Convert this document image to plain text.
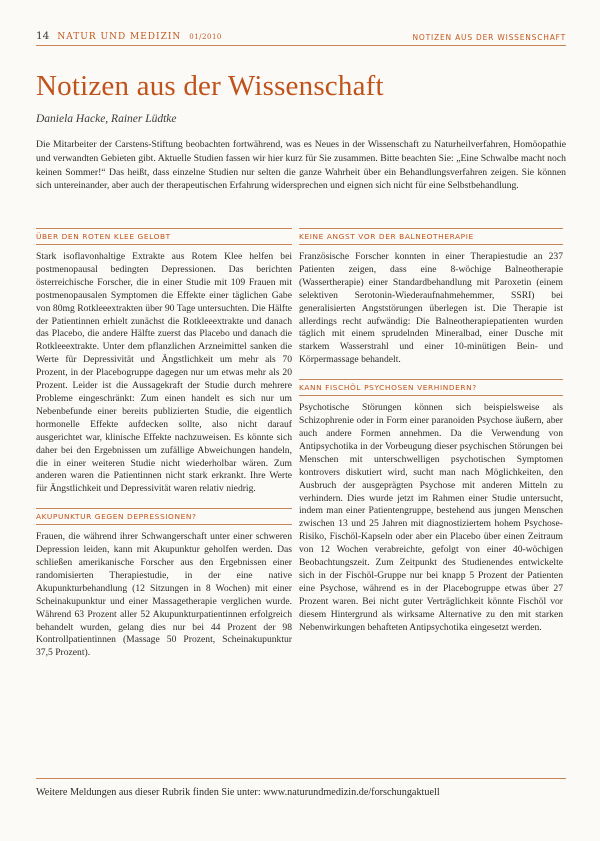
14 NATUR UND MEDIZIN 01/2010	NOTIZEN AUS DER WISSENSCHAFT
Notizen aus der Wissenschaft
Daniela Hacke, Rainer Lüdtke

Die Mitarbeiter der Carstens-Stiftung beobachten fortwährend, was es Neues in der Wissenschaft zu Naturheilverfahren, Homöopathie und verwandten Gebieten gibt. Aktuelle Studien fassen wir hier kurz für Sie zusammen. Bitte beachten Sie: „Eine Schwalbe macht noch keinen Sommer!“ Das heißt, dass einzelne Studien nur selten die ganze Wahrheit über ein Behandlungsverfahren zeigen. Sie können sich untereinander, aber auch der therapeutischen Erfahrung widersprechen und eignen sich nicht für eine Selbstbehandlung.

ÜBER DEN ROTEN KLEE GELOBT

Stark isoflavonhaltige Extrakte aus Rotem Klee helfen bei postmenopausal bedingten Depressionen. Das berichten österreichische Forscher, die in einer Studie mit 109 Frauen mit postmenopausalen Symptomen die Effekte einer täglichen Gabe von 80mg Rotkleeextrakten über 90 Tage untersuchten. Die Hälfte der Patientinnen erhielt zunächst die Rotkleeextrakte und danach das Placebo, die andere Hälfte zuerst das Placebo und danach die Rotkleeextrakte. Unter dem pflanzlichen Arzneimittel sanken die Werte für Depressivität und Ängstlichkeit um mehr als 70 Prozent, in der Placebogruppe dagegen nur um etwas mehr als 20 Prozent. Leider ist die Aussagekraft der Studie durch mehrere Probleme eingeschränkt: Zum einen handelt es sich nur um Nebenbefunde einer bereits publizierten Studie, die eigentlich hormonelle Effekte aufdecken sollte, also nicht darauf ausgerichtet war, klinische Effekte nachzuweisen. Es könnte sich daher bei den Ergebnissen um zufällige Abweichungen handeln, die in einer weiteren Studie nicht wiederholbar wären. Zum anderen waren die Patientinnen nicht stark erkrankt. Ihre Werte für Ängstlichkeit und Depressivität waren relativ niedrig.

AKUPUNKTUR GEGEN DEPRESSIONEN?

Frauen, die während ihrer Schwangerschaft unter einer schweren Depression leiden, kann mit Akupunktur geholfen werden. Das schließen amerikanische Forscher aus den Ergebnissen einer randomisierten Therapiestudie, in der eine native Akupunkturbehandlung (12 Sitzungen in 8 Wochen) mit einer Scheinakupunktur und einer Massagetherapie verglichen wurde. Während 63 Prozent aller 52 Akupunkturpatientinnen erfolgreich behandelt wurden, gelang dies nur bei 44 Prozent der 98 Kontrollpatientinnen (Massage 50 Prozent, Scheinakupunktur 37,5 Prozent).

KEINE ANGST VOR DER BALNEOTHERAPIE

Französische Forscher konnten in einer Therapiestudie an 237 Patienten zeigen, dass eine 8-wöchige Balneotherapie (Wassertherapie) einer Standardbehandlung mit Paroxetin (einem selektiven Serotonin-Wiederaufnahmehemmer, SSRI) bei generalisierten Angststörungen überlegen ist. Die Therapie ist allerdings recht aufwändig: Die Balneotherapiepatienten wurden täglich mit einem sprudelnden Mineralbad, einer Dusche mit starkem Wasserstrahl und einer 10-minütigen Bein- und Körpermassage behandelt.

KANN FISCHÖL PSYCHOSEN VERHINDERN?

Psychotische Störungen können sich beispielsweise als Schizophrenie oder in Form einer paranoiden Psychose äußern, aber auch andere Formen annehmen. Da die Verwendung von Antipsychotika in der Vorbeugung dieser psychischen Störungen bei Menschen mit unterschwelligen psychotischen Symptomen kontrovers diskutiert wird, sucht man nach Möglichkeiten, den Ausbruch der ausgeprägten Psychose mit anderen Mitteln zu verhindern. Dies wurde jetzt im Rahmen einer Studie untersucht, indem man einer Patientengruppe, bestehend aus jungen Menschen zwischen 13 und 25 Jahren mit diagnostiziertem hohem Psychose-Risiko, Fischöl-Kapseln oder aber ein Placebo über einen Zeitraum von 12 Wochen verabreichte, gefolgt von einer 40-wöchigen Beobachtungszeit. Zum Zeitpunkt des Studienendes entwickelte sich in der Fischöl-Gruppe nur bei knapp 5 Prozent der Patienten eine Psychose, während es in der Placebogruppe etwas über 27 Prozent waren. Bei nicht guter Verträglichkeit könnte Fischöl vor diesem Hintergrund als wirksame Alternative zu den mit starken Nebenwirkungen behafteten Antipsychotika eingesetzt werden.

Weitere Meldungen aus dieser Rubrik finden Sie unter: www.naturundmedizin.de/forschungaktuell
